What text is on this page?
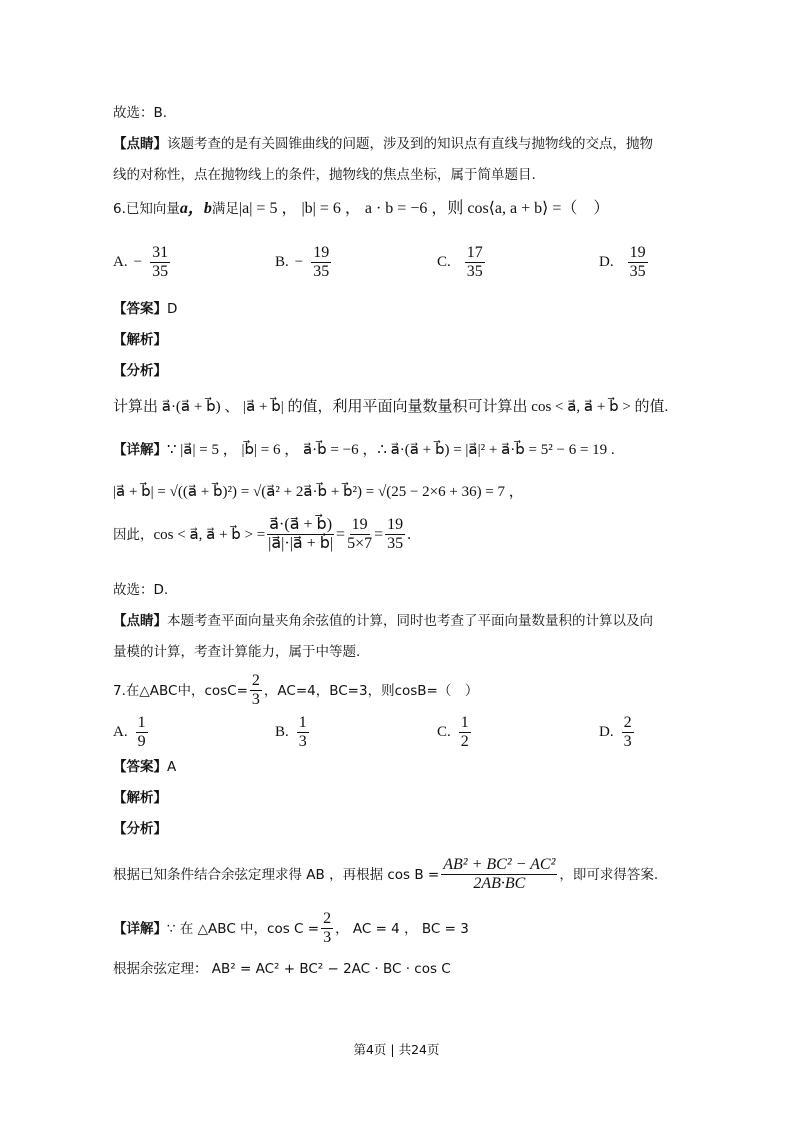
故选：B.
【点睛】该题考查的是有关圆锥曲线的问题，涉及到的知识点有直线与抛物线的交点，抛物
线的对称性，点在抛物线上的条件，抛物线的焦点坐标，属于简单题目.
6.已知向量a，b满足|a| = 5 ， |b| = 6 ， a · b = −6 ，则 cos⟨a, a + b⟩ =（　）
A. − $\frac{31}{35}$	B. − $\frac{19}{35}$	C. $\frac{17}{35}$	D. $\frac{19}{35}$
【答案】D
【解析】
【分析】
计算出 a⃗·(a⃗ + b⃗) 、 |a⃗ + b⃗| 的值，利用平面向量数量积可计算出 cos < a⃗, a⃗ + b⃗ > 的值.
【详解】∵ |a⃗| = 5 ， |b⃗| = 6 ， a⃗·b⃗ = −6 ，∴ a⃗·(a⃗ + b⃗) = |a⃗|² + a⃗·b⃗ = 5² − 6 = 19 .
|a⃗ + b⃗| = √((a⃗ + b⃗)²) = √(a⃗² + 2a⃗·b⃗ + b⃗²) = √(25 − 2×6 + 36) = 7 ，
因此， cos < a⃗, a⃗ + b⃗ > = $\frac{a⃗\cdot(a⃗ + b⃗)}{|a⃗|\cdot|a⃗ + b⃗|} = \frac{19}{5\times 7} = \frac{19}{35}$ .
故选：D.
【点睛】本题考查平面向量夹角余弦值的计算，同时也考查了平面向量数量积的计算以及向
量模的计算，考查计算能力，属于中等题.
7.在△ABC中，$\cos C= \frac{2}{3}$ ，AC=4，BC=3，则cosB=（　）
A. $\frac{1}{9}$	B. $\frac{1}{3}$	C. $\frac{1}{2}$	D. $\frac{2}{3}$
【答案】A
【解析】
【分析】
根据已知条件结合余弦定理求得 AB ，再根据 $\cos B = \frac{\text{AB² + BC² − AC²}}{2AB\cdot BC}$ ，即可求得答案.
【详解】 ∵ 在 △ABC 中，$\cos C = \frac{2}{3}$ ， AC = 4 ， BC = 3
根据余弦定理： AB² = AC² + BC² − 2AC · BC · cos C
第4页 | 共24页
